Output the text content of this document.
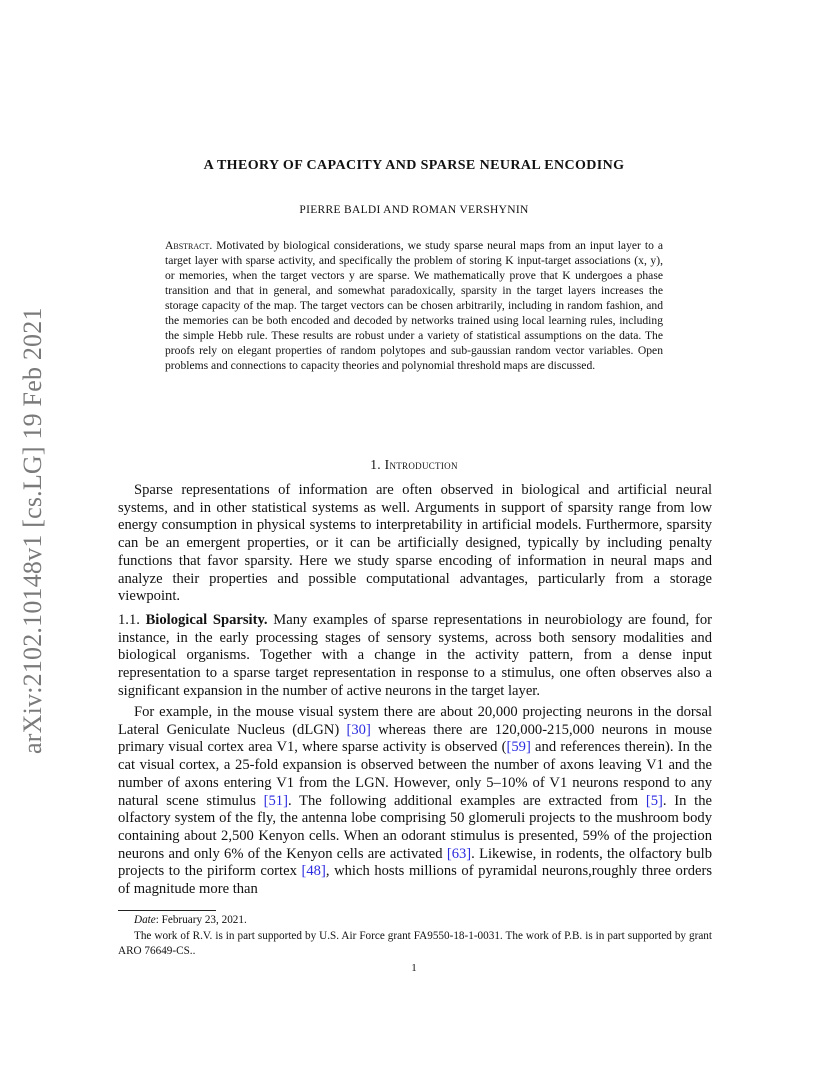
arXiv:2102.10148v1 [cs.LG] 19 Feb 2021
A THEORY OF CAPACITY AND SPARSE NEURAL ENCODING
PIERRE BALDI AND ROMAN VERSHYNIN
Abstract. Motivated by biological considerations, we study sparse neural maps from an input layer to a target layer with sparse activity, and specifically the problem of storing K input-target associations (x, y), or memories, when the target vectors y are sparse. We mathematically prove that K undergoes a phase transition and that in general, and somewhat paradoxically, sparsity in the target layers increases the storage capacity of the map. The target vectors can be chosen arbitrarily, including in random fashion, and the memories can be both encoded and decoded by networks trained using local learning rules, including the simple Hebb rule. These results are robust under a variety of statistical assumptions on the data. The proofs rely on elegant properties of random polytopes and sub-gaussian random vector variables. Open problems and connections to capacity theories and polynomial threshold maps are discussed.
1. Introduction
Sparse representations of information are often observed in biological and artificial neural systems, and in other statistical systems as well. Arguments in support of sparsity range from low energy consumption in physical systems to interpretability in artificial models. Furthermore, sparsity can be an emergent properties, or it can be artificially designed, typically by including penalty functions that favor sparsity. Here we study sparse encoding of information in neural maps and analyze their properties and possible computational advantages, particularly from a storage viewpoint.
1.1. Biological Sparsity. Many examples of sparse representations in neurobiology are found, for instance, in the early processing stages of sensory systems, across both sensory modalities and biological organisms. Together with a change in the activity pattern, from a dense input representation to a sparse target representation in response to a stimulus, one often observes also a significant expansion in the number of active neurons in the target layer.
For example, in the mouse visual system there are about 20,000 projecting neurons in the dorsal Lateral Geniculate Nucleus (dLGN) [30] whereas there are 120,000-215,000 neurons in mouse primary visual cortex area V1, where sparse activity is observed ([59] and references therein). In the cat visual cortex, a 25-fold expansion is observed between the number of axons leaving V1 and the number of axons entering V1 from the LGN. However, only 5–10% of V1 neurons respond to any natural scene stimulus [51]. The following additional examples are extracted from [5]. In the olfactory system of the fly, the antenna lobe comprising 50 glomeruli projects to the mushroom body containing about 2,500 Kenyon cells. When an odorant stimulus is presented, 59% of the projection neurons and only 6% of the Kenyon cells are activated [63]. Likewise, in rodents, the olfactory bulb projects to the piriform cortex [48], which hosts millions of pyramidal neurons,roughly three orders of magnitude more than
Date: February 23, 2021.
The work of R.V. is in part supported by U.S. Air Force grant FA9550-18-1-0031. The work of P.B. is in part supported by grant ARO 76649-CS..
1
